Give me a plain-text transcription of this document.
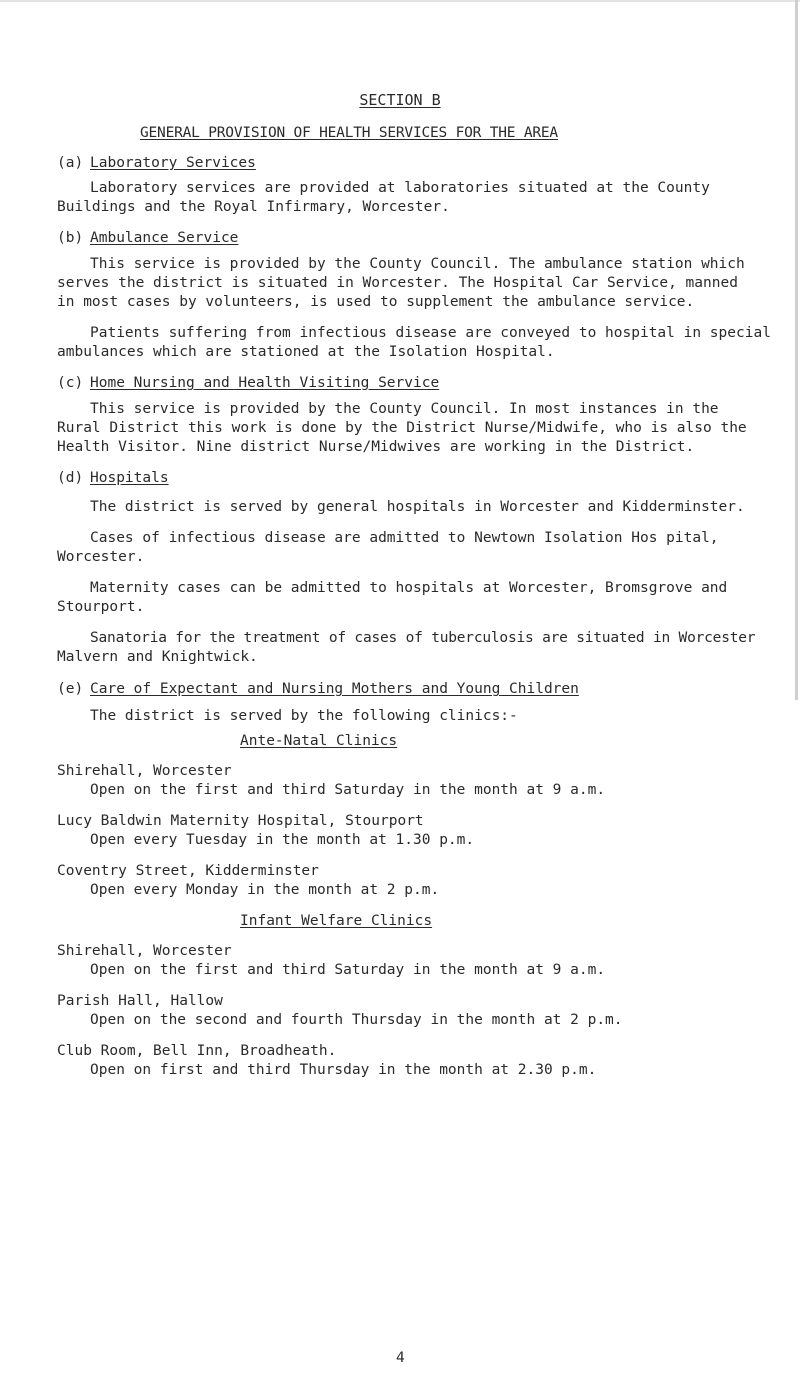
SECTION B
GENERAL PROVISION OF HEALTH SERVICES FOR THE AREA
(a) Laboratory Services
Laboratory services are provided at laboratories situated at the County
Buildings and the Royal Infirmary, Worcester.
(b) Ambulance Service
This service is provided by the County Council. The ambulance station which
serves the district is situated in Worcester. The Hospital Car Service, manned
in most cases by volunteers, is used to supplement the ambulance service.
Patients suffering from infectious disease are conveyed to hospital in special
ambulances which are stationed at the Isolation Hospital.
(c) Home Nursing and Health Visiting Service
This service is provided by the County Council. In most instances in the
Rural District this work is done by the District Nurse/Midwife, who is also the
Health Visitor. Nine district Nurse/Midwives are working in the District.
(d) Hospitals
The district is served by general hospitals in Worcester and Kidderminster.
Cases of infectious disease are admitted to Newtown Isolation Hos pital,
Worcester.
Maternity cases can be admitted to hospitals at Worcester, Bromsgrove and
Stourport.
Sanatoria for the treatment of cases of tuberculosis are situated in Worcester
Malvern and Knightwick.
(e) Care of Expectant and Nursing Mothers and Young Children
The district is served by the following clinics:-
Ante-Natal Clinics
Shirehall, Worcester
Open on the first and third Saturday in the month at 9 a.m.
Lucy Baldwin Maternity Hospital, Stourport
Open every Tuesday in the month at 1.30 p.m.
Coventry Street, Kidderminster
Open every Monday in the month at 2 p.m.
Infant Welfare Clinics
Shirehall, Worcester
Open on the first and third Saturday in the month at 9 a.m.
Parish Hall, Hallow
Open on the second and fourth Thursday in the month at 2 p.m.
Club Room, Bell Inn, Broadheath.
Open on first and third Thursday in the month at 2.30 p.m.
4
